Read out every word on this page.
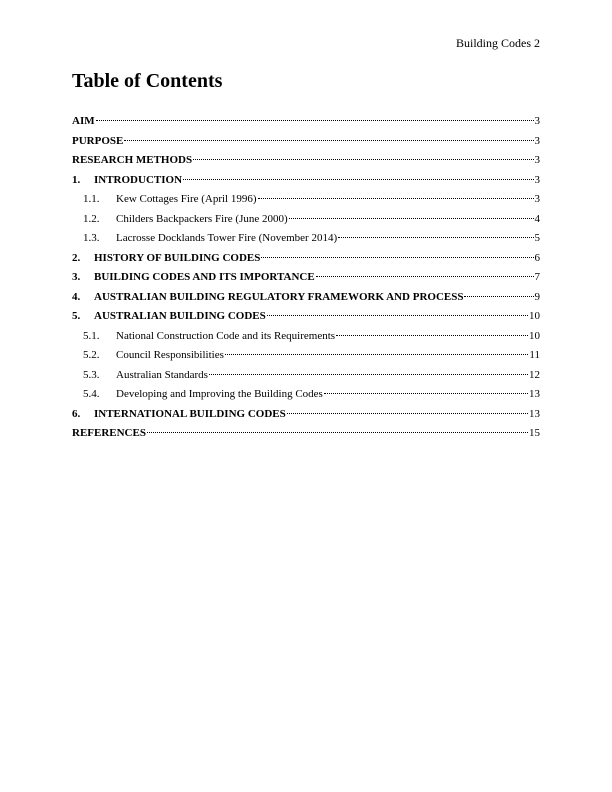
Building Codes 2
Table of Contents
AIM	3
PURPOSE	3
RESEARCH METHODS	3
1.	INTRODUCTION	3
1.1.	Kew Cottages Fire (April 1996)	3
1.2.	Childers Backpackers Fire (June 2000)	4
1.3.	Lacrosse Docklands Tower Fire (November 2014)	5
2.	HISTORY OF BUILDING CODES	6
3.	BUILDING CODES AND ITS IMPORTANCE	7
4.	AUSTRALIAN BUILDING REGULATORY FRAMEWORK AND PROCESS	9
5.	AUSTRALIAN BUILDING CODES	10
5.1.	National Construction Code and its Requirements	10
5.2.	Council Responsibilities	11
5.3.	Australian Standards	12
5.4.	Developing and Improving the Building Codes	13
6.	INTERNATIONAL BUILDING CODES	13
REFERENCES	15
